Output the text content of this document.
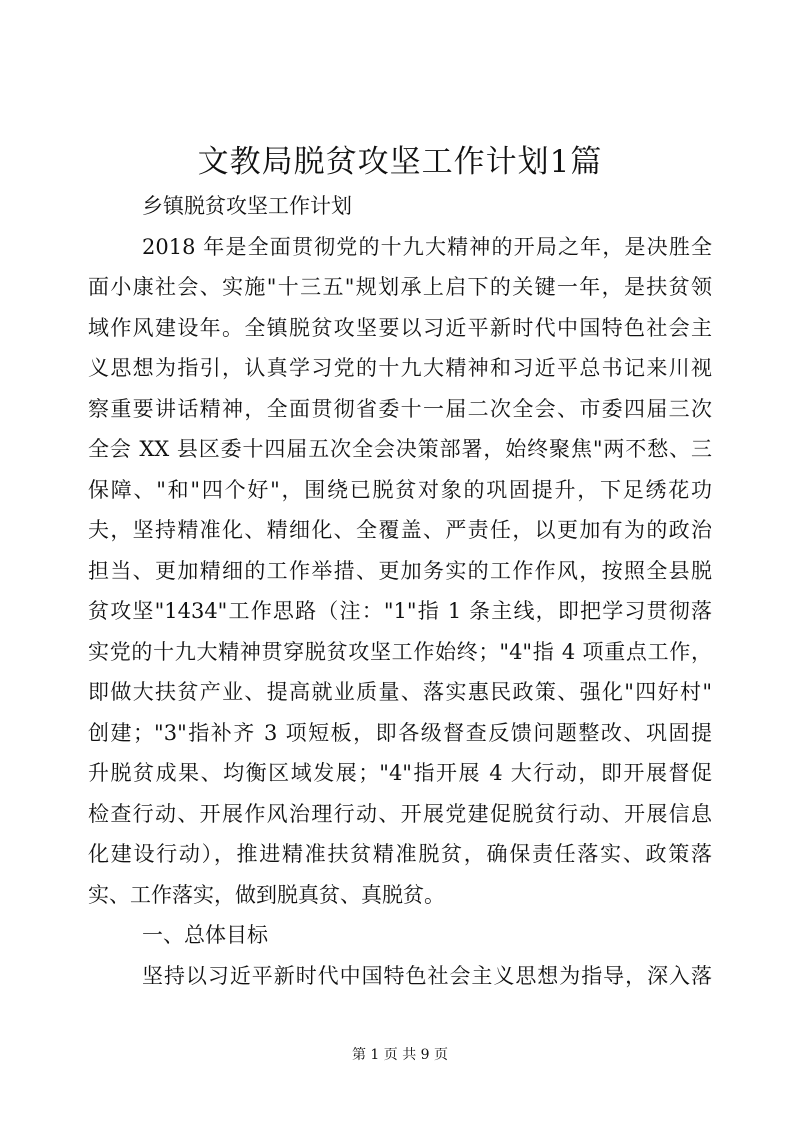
文教局脱贫攻坚工作计划1篇
乡镇脱贫攻坚工作计划
2018 年是全面贯彻党的十九大精神的开局之年，是决胜全
面小康社会、实施"十三五"规划承上启下的关键一年，是扶贫领
域作风建设年。全镇脱贫攻坚要以习近平新时代中国特色社会主
义思想为指引，认真学习党的十九大精神和习近平总书记来川视
察重要讲话精神，全面贯彻省委十一届二次全会、市委四届三次
全会 XX 县区委十四届五次全会决策部署，始终聚焦"两不愁、三
保障、"和"四个好"，围绕已脱贫对象的巩固提升，下足绣花功
夫，坚持精准化、精细化、全覆盖、严责任，以更加有为的政治
担当、更加精细的工作举措、更加务实的工作作风，按照全县脱
贫攻坚"1434"工作思路（注："1"指 1 条主线，即把学习贯彻落
实党的十九大精神贯穿脱贫攻坚工作始终；"4"指 4 项重点工作，
即做大扶贫产业、提高就业质量、落实惠民政策、强化"四好村"
创建；"3"指补齐 3 项短板，即各级督查反馈问题整改、巩固提
升脱贫成果、均衡区域发展；"4"指开展 4 大行动，即开展督促
检查行动、开展作风治理行动、开展党建促脱贫行动、开展信息
化建设行动），推进精准扶贫精准脱贫，确保责任落实、政策落
实、工作落实，做到脱真贫、真脱贫。
一、总体目标
坚持以习近平新时代中国特色社会主义思想为指导，深入落
第 1 页 共 9 页
